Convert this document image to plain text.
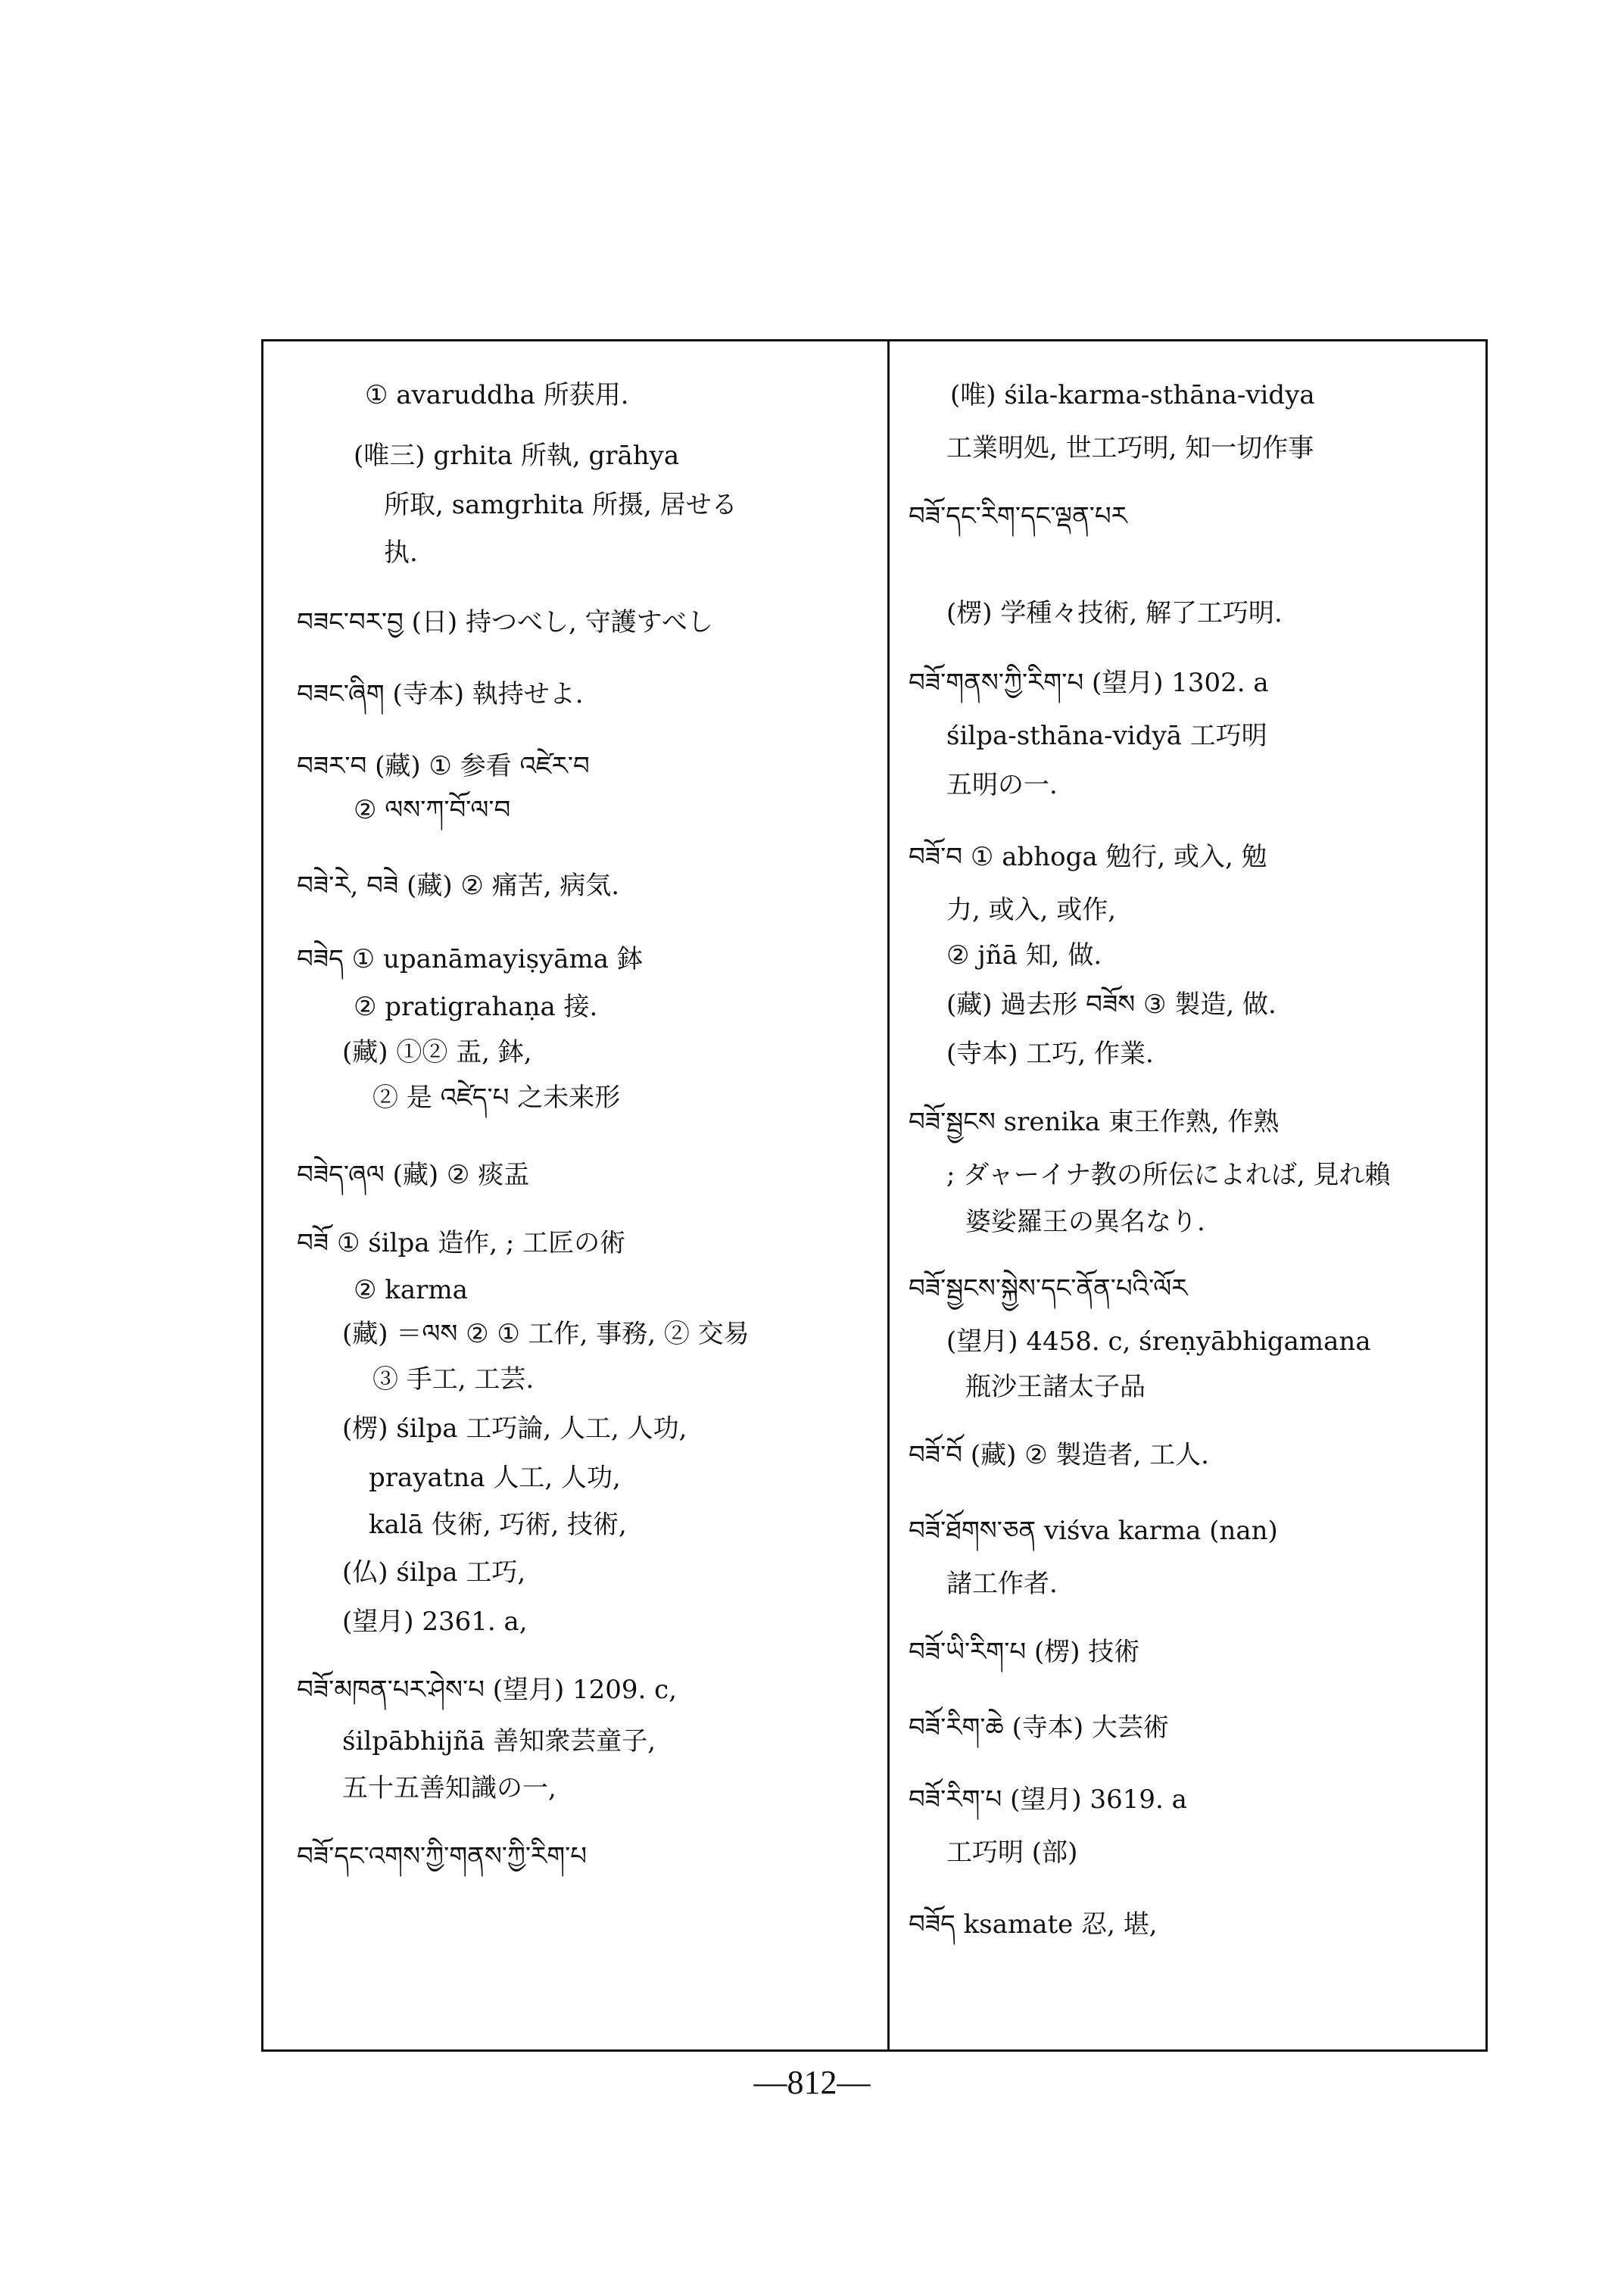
① avaruddha 所获用.
(唯三) grhita 所執, grāhya
所取, samgrhita 所摄, 居せる
执.
བཟང་བར་བྱ (日) 持つべし, 守護すべし
བཟང་ཞིག (寺本) 執持せよ.
བཟར་བ (藏) ① 参看 འཛེར་བ
② ལས་ཀ་བོ་ལ་བ
བཟེ་རེ, བཟེ (藏) ② 痛苦, 病気.
བཟེད ① upanāmayiṣyāma 鉢
② pratigrahaṇa 接.
(藏) ①② 盂, 鉢,
② 是 འཛེད་པ 之未来形
བཟེད་ཞལ (藏) ② 痰盂
བཟོ ① śilpa 造作, ; 工匠の術
② karma
(藏) ＝ལས ② ① 工作, 事務, ② 交易
③ 手工, 工芸.
(楞) śilpa 工巧論, 人工, 人功,
prayatna 人工, 人功,
kalā 伎術, 巧術, 技術,
(仏) śilpa 工巧,
(望月) 2361. a,
བཟོ་མཁན་པར་ཤེས་པ (望月) 1209. c,
śilpābhijñā 善知衆芸童子,
五十五善知識の一,
བཟོ་དང་འགས་ཀྱི་གནས་ཀྱི་རིག་པ
(唯) śila-karma-sthāna-vidya
工業明処, 世工巧明, 知一切作事
བཟོ་དང་རིག་དང་ལྡན་པར
(楞) 学種々技術, 解了工巧明.
བཟོ་གནས་ཀྱི་རིག་པ (望月) 1302. a
śilpa-sthāna-vidyā 工巧明
五明の一.
བཟོ་བ ① abhoga 勉行, 或入, 勉
力, 或入, 或作,
② jñā 知, 做.
(藏) 過去形 བཟོས ③ 製造, 做.
(寺本) 工巧, 作業.
བཟོ་སྦྱངས srenika 東王作熟, 作熟
; ダャーイナ教の所伝によれば, 見れ賴
婆娑羅王の異名なり.
བཟོ་སྦྱངས་སྐྱེས་དང་ནོན་པའི་ལོར
(望月) 4458. c, śreṇyābhigamana
瓶沙王諸太子品
བཟོ་བོ (藏) ② 製造者, 工人.
བཟོ་ཐོགས་ཅན viśva karma (nan)
諸工作者.
བཟོ་ཡི་རིག་པ (楞) 技術
བཟོ་རིག་ཆེ (寺本) 大芸術
བཟོ་རིག་པ (望月) 3619. a
工巧明 (部)
བཟོད ksamate 忍, 堪,
—812—
